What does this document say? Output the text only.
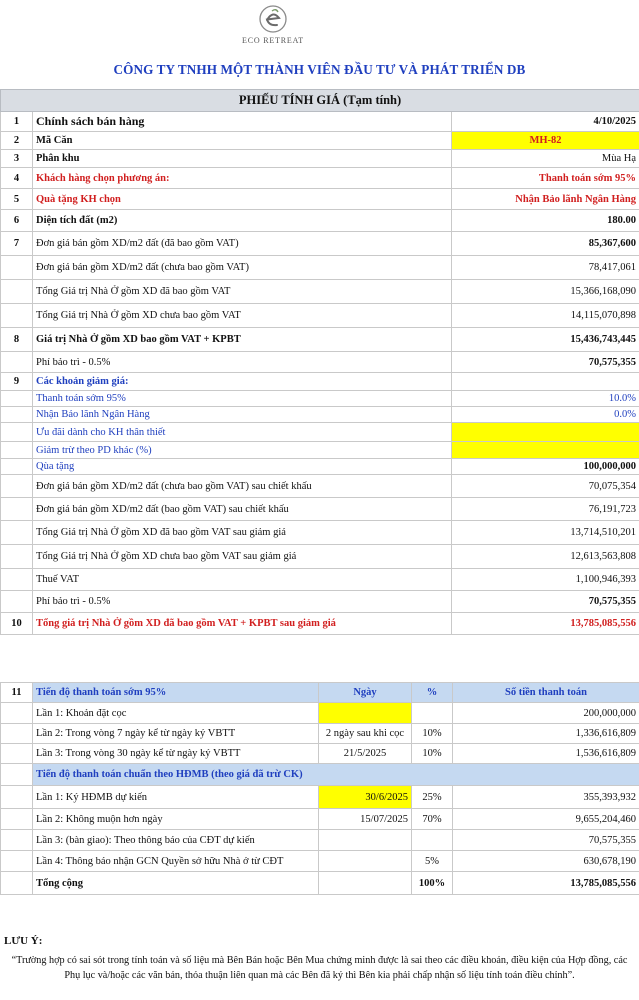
ECO RETREAT
CÔNG TY TNHH MỘT THÀNH VIÊN ĐẦU TƯ VÀ PHÁT TRIỂN DB
PHIẾU TÍNH GIÁ (Tạm tính)		
1	Chính sách bán hàng	4/10/2025
2	Mã Căn	MH-82
3	Phân khu	Mùa Hạ
4	Khách hàng chọn phương án:	Thanh toán sớm 95%
5	Quà tặng KH chọn	Nhận Bảo lãnh Ngân Hàng
6	Diện tích đất (m2)	180.00
7	Đơn giá bán gồm XD/m2 đất (đã bao gồm VAT)	85,367,600
	Đơn giá bán gồm XD/m2 đất (chưa bao gồm VAT)	78,417,061
	Tổng Giá trị Nhà Ở gồm XD đã bao gồm VAT	15,366,168,090
	Tổng Giá trị Nhà Ở gồm XD chưa bao gồm VAT	14,115,070,898
8	Giá trị Nhà Ở gồm XD bao gồm VAT + KPBT	15,436,743,445
	Phí bảo trì - 0.5%	70,575,355
9	Các khoản giảm giá:	
	Thanh toán sớm 95%	10.0%
	Nhận Bảo lãnh Ngân Hàng	0.0%
	Ưu đãi dành cho KH thân thiết	
	Giảm trừ theo PD khác (%)	
	Qùa tặng	100,000,000
	Đơn giá bán gồm XD/m2 đất (chưa bao gồm VAT) sau chiết khấu	70,075,354
	Đơn giá bán gồm XD/m2 đất (bao gồm VAT) sau chiết khấu	76,191,723
	Tổng Giá trị Nhà Ở gồm XD đã bao gồm VAT sau giảm giá	13,714,510,201
	Tổng Giá trị Nhà Ở gồm XD chưa bao gồm VAT sau giảm giá	12,613,563,808
	Thuế VAT	1,100,946,393
	Phí bảo trì - 0.5%	70,575,355
10	Tổng giá trị Nhà Ở gồm XD đã bao gồm VAT + KPBT sau giảm giá	13,785,085,556
11	Tiến độ thanh toán sớm 95%	Ngày	%	Số tiền thanh toán
	Lần 1: Khoản đặt cọc			200,000,000
	Lần 2: Trong vòng 7 ngày kể từ ngày ký VBTT	2 ngày sau khi cọc	10%	1,336,616,809
	Lần 3: Trong vòng 30 ngày kể từ ngày ký VBTT	21/5/2025	10%	1,536,616,809
	Tiến độ thanh toán chuẩn theo HĐMB (theo giá đã trừ CK)			
	Lần 1: Ký HĐMB dự kiến	30/6/2025	25%	355,393,932
	Lần 2: Không muộn hơn ngày	15/07/2025	70%	9,655,204,460
	Lần 3: (bàn giao): Theo thông báo của CĐT dự kiến			70,575,355
	Lần 4: Thông báo nhận GCN Quyền sở hữu Nhà ở từ CĐT		5%	630,678,190
	Tổng cộng		100%	13,785,085,556
LƯU Ý:
“Trường hợp có sai sót trong tính toán và số liệu mà Bên Bán hoặc Bên Mua chứng minh được là sai theo các điều khoản, điều kiện của Hợp đồng, các Phụ lục và/hoặc các văn bản, thỏa thuận liên quan mà các Bên đã ký thì Bên kia phải chấp nhận số liệu tính toán điều chỉnh”.
